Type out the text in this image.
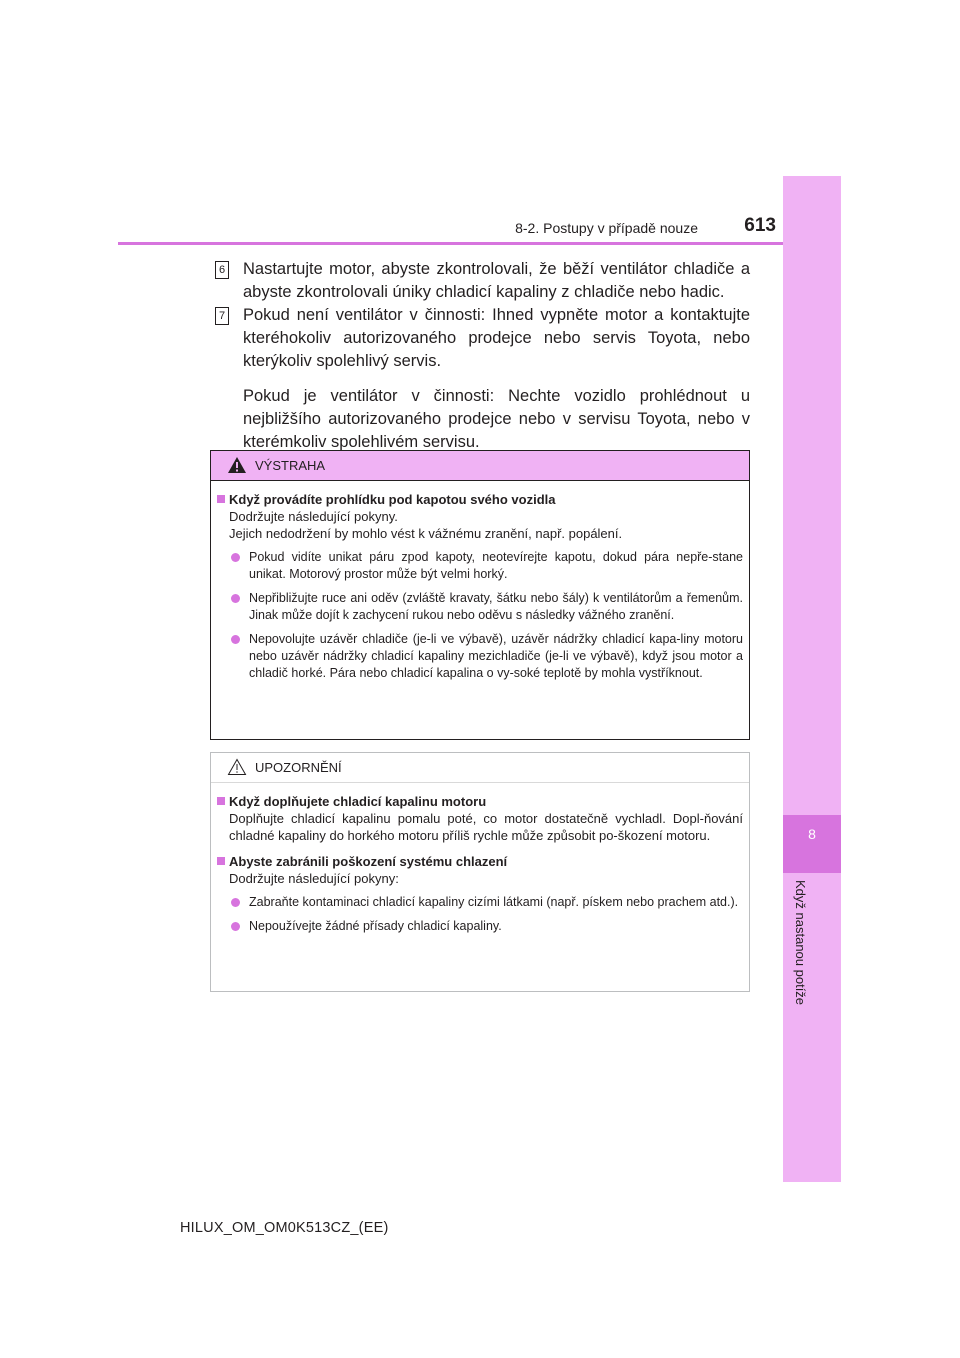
8
Když nastanou potíže
8-2. Postupy v případě nouze	613
6 Nastartujte motor, abyste zkontrolovali, že běží ventilátor chladiče a abyste zkontrolovali úniky chladicí kapaliny z chladiče nebo hadic.

7 Pokud není ventilátor v činnosti: Ihned vypněte motor a kontaktujte kteréhokoliv autorizovaného prodejce nebo servis Toyota, nebo kterýkoliv spolehlivý servis.

Pokud je ventilátor v činnosti: Nechte vozidlo prohlédnout u nejbližšího autorizovaného prodejce nebo v servisu Toyota, nebo v kterémkoliv spolehlivém servisu.

VÝSTRAHA
Když provádíte prohlídku pod kapotou svého vozidla
Dodržujte následující pokyny.
Jejich nedodržení by mohlo vést k vážnému zranění, např. popálení.
Pokud vidíte unikat páru zpod kapoty, neotevírejte kapotu, dokud pára nepře-stane unikat. Motorový prostor může být velmi horký.
Nepřibližujte ruce ani oděv (zvláště kravaty, šátku nebo šály) k ventilátorům a řemenům. Jinak může dojít k zachycení rukou nebo oděvu s následky vážného zranění.
Nepovolujte uzávěr chladiče (je-li ve výbavě), uzávěr nádržky chladicí kapa-liny motoru nebo uzávěr nádržky chladicí kapaliny mezichladiče (je-li ve výbavě), když jsou motor a chladič horké. Pára nebo chladicí kapalina o vy-soké teplotě by mohla vystříknout.
UPOZORNĚNÍ
Když doplňujete chladicí kapalinu motoru
Doplňujte chladicí kapalinu pomalu poté, co motor dostatečně vychladl. Dopl-ňování chladné kapaliny do horkého motoru příliš rychle může způsobit po-škození motoru.
Abyste zabránili poškození systému chlazení
Dodržujte následující pokyny:
Zabraňte kontaminaci chladicí kapaliny cizími látkami (např. pískem nebo prachem atd.).
Nepoužívejte žádné přísady chladicí kapaliny.
HILUX_OM_OM0K513CZ_(EE)
